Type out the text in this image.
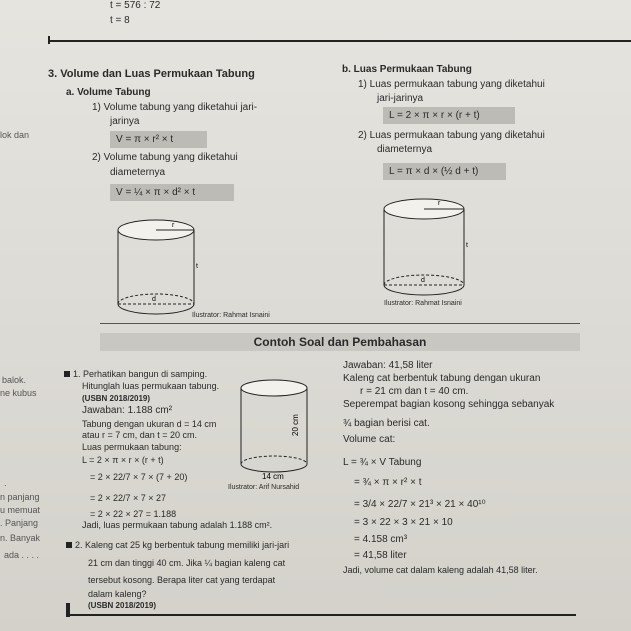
t = 576 : 72
t = 8
lok dan
balok.
ne kubus
.
n panjang
u memuat
. Panjang
n. Banyak
ada . . . .
3. Volume dan Luas Permukaan Tabung
a. Volume Tabung
1) Volume tabung yang diketahui jari-
jarinya
V = π × r² × t
2) Volume tabung yang diketahui
diameternya
V = ¼ × π × d² × t
r
t
d
Ilustrator: Rahmat Isnaini
b. Luas Permukaan Tabung
1) Luas permukaan tabung yang diketahui
jari-jarinya
L = 2 × π × r × (r + t)
2) Luas permukaan tabung yang diketahui
diameternya
L = π × d × (½ d + t)
r
t
d
Ilustrator: Rahmat Isnaini
Contoh Soal dan Pembahasan
1. Perhatikan bangun di samping.
Hitunglah luas permukaan tabung.
(USBN 2018/2019)
Jawaban: 1.188 cm²
Tabung dengan ukuran d = 14 cm
atau r = 7 cm, dan t = 20 cm.
Luas permukaan tabung:
L = 2 × π × r × (r + t)
= 2 × 22/7 × 7 × (7 + 20)
= 2 × 22/7 × 7 × 27
= 2 × 22 × 27 = 1.188
Jadi, luas permukaan tabung adalah 1.188 cm².
20 cm
14 cm
Ilustrator: Arif Nursahid
2. Kaleng cat 25 kg berbentuk tabung memiliki jari-jari
21 cm dan tinggi 40 cm. Jika ¼ bagian kaleng cat
tersebut kosong. Berapa liter cat yang terdapat
dalam kaleng?
(USBN 2018/2019)
Jawaban: 41,58 liter
Kaleng cat berbentuk tabung dengan ukuran
r = 21 cm dan t = 40 cm.
Seperempat bagian kosong sehingga sebanyak
¾ bagian berisi cat.
Volume cat:
L = ¾ × V Tabung
= ¾ × π × r² × t
= 3/4 × 22/7 × 21³ × 21 × 40¹⁰
= 3 × 22 × 3 × 21 × 10
= 4.158 cm³
= 41,58 liter
Jadi, volume cat dalam kaleng adalah 41,58 liter.
